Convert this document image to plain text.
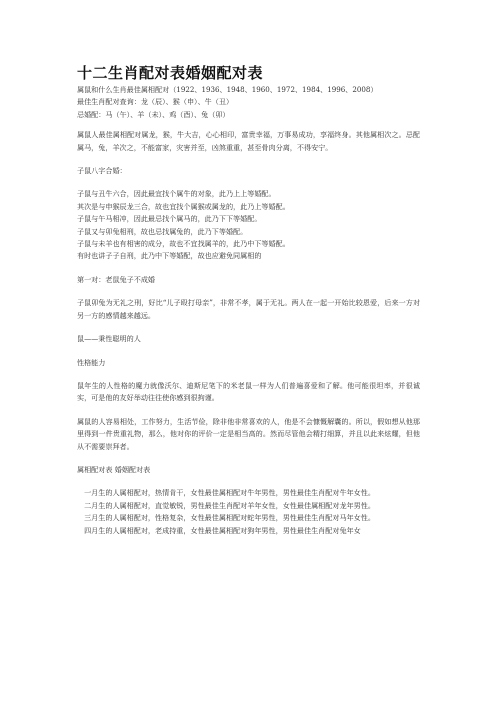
十二生肖配对表婚姻配对表

属鼠和什么生肖最佳属相配对（1922、1936、1948、1960、1972、1984、1996、2008）

最佳生肖配对查询：龙（辰）、猴（申）、牛（丑）

忌婚配：马（午）、羊（未）、鸡（酉）、兔（卯）

属鼠人最佳属相配对属龙，猴，牛大吉，心心相印，富贵幸福，万事易成功，享福终身。其他属相次之。忌配属马，兔，羊次之，不能富家，灾害并至，凶煞重重，甚至骨肉分离，不得安宁。

子鼠八字合婚：

子鼠与丑牛六合，因此最宜找个属牛的对象，此乃上上等婚配。

其次是与申猴辰龙三合，故也宜找个属猴或属龙的，此乃上等婚配。

子鼠与午马相冲，因此最忌找个属马的，此乃下下等婚配。

子鼠又与卯兔相刑，故也忌找属兔的，此乃下等婚配。

子鼠与未羊也有相害的成分，故也不宜找属羊的，此乃中下等婚配。

有时也讲子子自刑，此乃中下等婚配，故也应避免同属相的

第一对：老鼠兔子不成婚

子鼠卯兔为无礼之刑，好比“儿子殴打母亲”，非常不孝，属于无礼。两人在一起一开始比较恩爱，后来一方对另一方的感情越来越远。

鼠——秉性聪明的人

性格能力

鼠年生的人性格的魔力就像沃尔、迪斯尼笔下的米老鼠一样为人们普遍喜爱和了解。他可能很坦率，并很诚实，可是他的友好举动往往使你感到很拘谨。

属鼠的人容易相处，工作努力，生活节俭，除非他非常喜欢的人，他是不会慷慨解囊的。所以，假如想从他那里得到一件贵重礼物，那么，他对你的评价一定是相当高的。然而尽管他会精打细算，并且以此来炫耀，但他从不需要崇拜者。

属相配对表 婚姻配对表

一月生的人属相配对，热情肯干，女性最佳属相配对牛年男性，男性最佳生肖配对牛年女性。

二月生的人属相配对，直觉敏锐，男性最佳生肖配对羊年女性，女性最佳属相配对龙年男性。

三月生的人属相配对，性格复杂，女性最佳属相配对蛇年男性，男性最佳生肖配对马年女性。

四月生的人属相配对，老成持重，女性最佳属相配对狗年男性，男性最佳生肖配对兔年女
